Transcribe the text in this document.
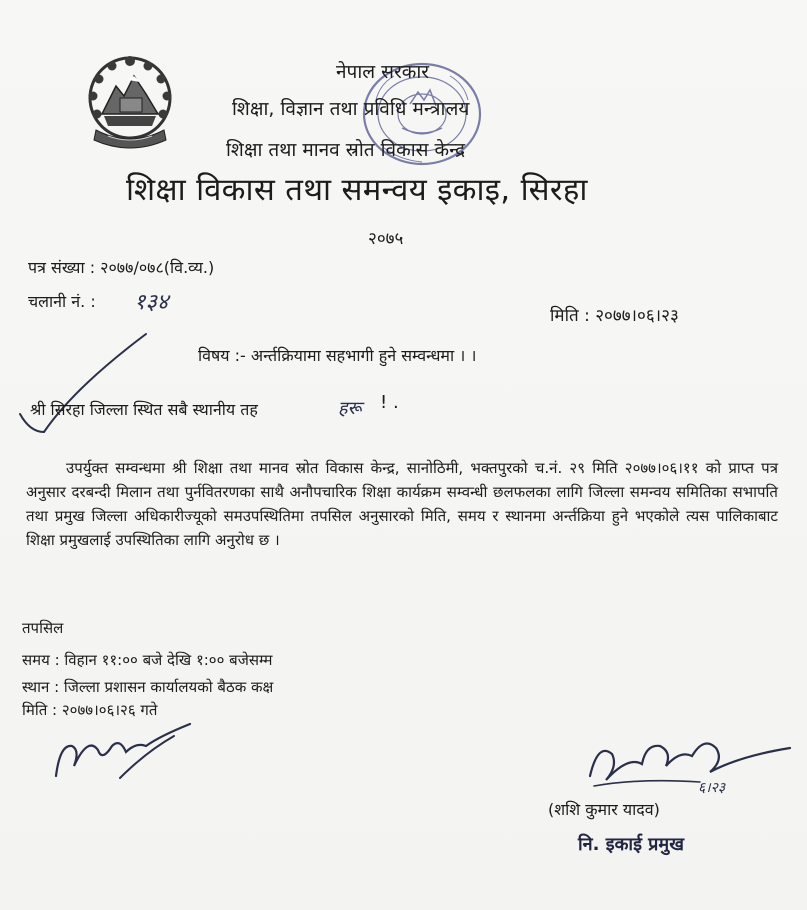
नेपाल सरकार
शिक्षा, विज्ञान तथा प्रविधि मन्त्रालय
शिक्षा तथा मानव स्रोत विकास केन्द्र
शिक्षा विकास तथा समन्वय इकाइ, सिरहा
२०७५
पत्र संख्या : २०७७/०७८(वि.व्य.)
चलानी नं. : १३४
मिति : २०७७।०६।२३
विषय :- अर्न्तक्रियामा सहभागी हुने सम्वन्धमा । ।
श्री सिरहा जिल्ला स्थित सबै स्थानीय तह	हरू ! .
उपर्युक्त सम्वन्धमा श्री शिक्षा तथा मानव स्रोत विकास केन्द्र, सानोठिमी, भक्तपुरको च.नं. २९ मिति २०७७।०६।११ को प्राप्त पत्र अनुसार दरबन्दी मिलान तथा पुर्नवितरणका साथै अनौपचारिक शिक्षा कार्यक्रम सम्वन्धी छलफलका लागि जिल्ला समन्वय समितिका सभापति तथा प्रमुख जिल्ला अधिकारीज्यूको समउपस्थितिमा तपसिल अनुसारको मिति, समय र स्थानमा अर्न्तक्रिया हुने भएकोले त्यस पालिकाबाट शिक्षा प्रमुखलाई उपस्थितिका लागि अनुरोध छ ।
तपसिल
समय : विहान ११:०० बजे देखि १:०० बजेसम्म
स्थान : जिल्ला प्रशासन कार्यालयको बैठक कक्ष
मिति : २०७७।०६।२६ गते
६।२३
(शशि कुमार यादव)
नि. इकाई प्रमुख
